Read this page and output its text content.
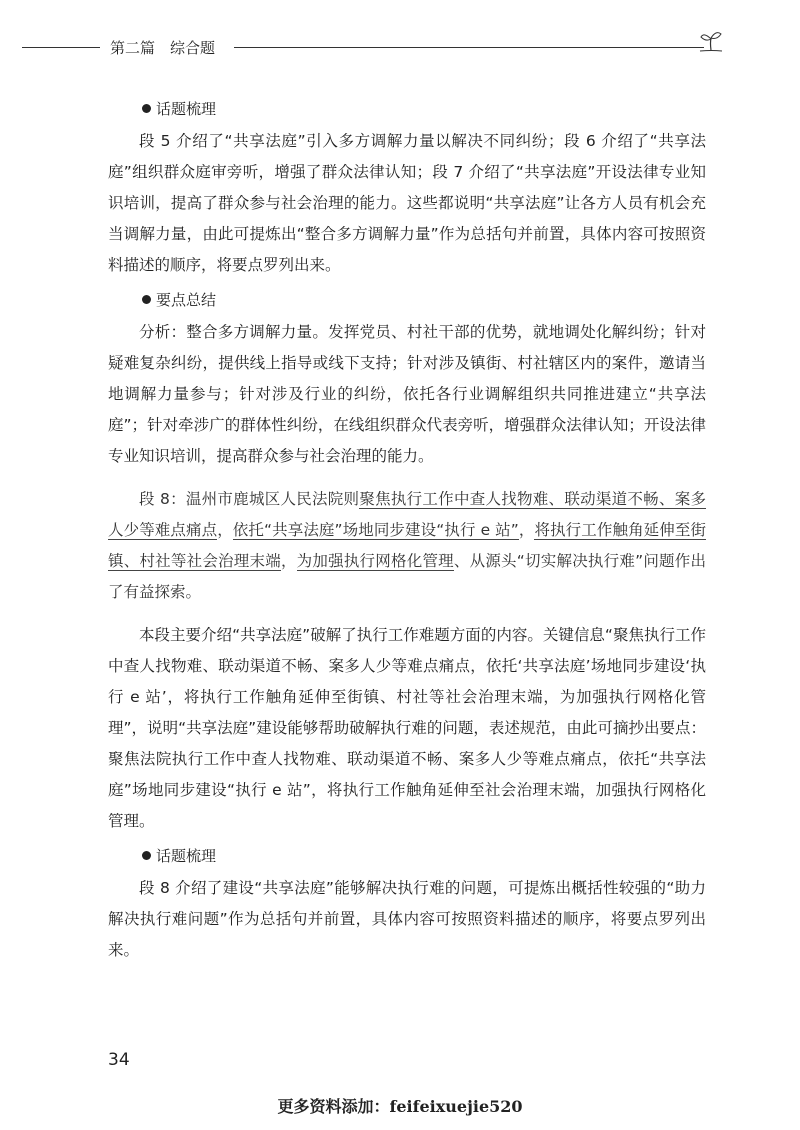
第二篇　综合题
话题梳理

段 5 介绍了“共享法庭”引入多方调解力量以解决不同纠纷；段 6 介绍了“共享法庭”组织群众庭审旁听，增强了群众法律认知；段 7 介绍了“共享法庭”开设法律专业知识培训，提高了群众参与社会治理的能力。这些都说明“共享法庭”让各方人员有机会充当调解力量，由此可提炼出“整合多方调解力量”作为总括句并前置，具体内容可按照资料描述的顺序，将要点罗列出来。

要点总结

分析：整合多方调解力量。发挥党员、村社干部的优势，就地调处化解纠纷；针对疑难复杂纠纷，提供线上指导或线下支持；针对涉及镇街、村社辖区内的案件，邀请当地调解力量参与；针对涉及行业的纠纷，依托各行业调解组织共同推进建立“共享法庭”；针对牵涉广的群体性纠纷，在线组织群众代表旁听，增强群众法律认知；开设法律专业知识培训，提高群众参与社会治理的能力。

段 8：温州市鹿城区人民法院则聚焦执行工作中查人找物难、联动渠道不畅、案多人少等难点痛点，依托“共享法庭”场地同步建设“执行 e 站”，将执行工作触角延伸至街镇、村社等社会治理末端，为加强执行网格化管理、从源头“切实解决执行难”问题作出了有益探索。

本段主要介绍“共享法庭”破解了执行工作难题方面的内容。关键信息“聚焦执行工作中查人找物难、联动渠道不畅、案多人少等难点痛点，依托‘共享法庭’场地同步建设‘执行 e 站’，将执行工作触角延伸至街镇、村社等社会治理末端，为加强执行网格化管理”，说明“共享法庭”建设能够帮助破解执行难的问题，表述规范，由此可摘抄出要点：聚焦法院执行工作中查人找物难、联动渠道不畅、案多人少等难点痛点，依托“共享法庭”场地同步建设“执行 e 站”，将执行工作触角延伸至社会治理末端，加强执行网格化管理。

话题梳理

段 8 介绍了建设“共享法庭”能够解决执行难的问题，可提炼出概括性较强的“助力解决执行难问题”作为总括句并前置，具体内容可按照资料描述的顺序，将要点罗列出来。

34
更多资料添加：feifeixuejie520
